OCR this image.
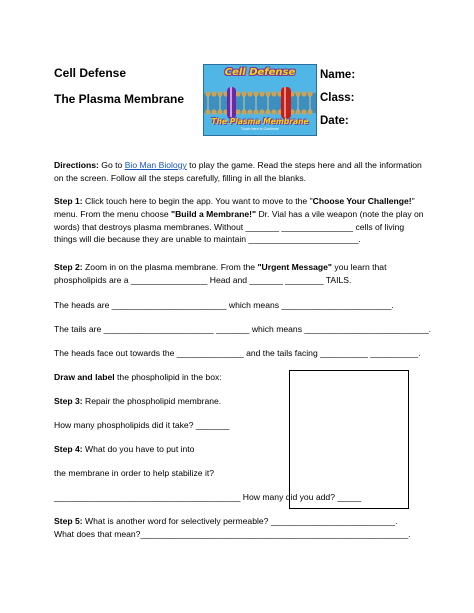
Cell Defense
The Plasma Membrane
Cell Defense
The Plasma Membrane
Touch here to Continue!
Name:
Class:
Date:
Directions: Go to Bio Man Biology to play the game. Read the steps here and all the information on the screen. Follow all the steps carefully, filling in all the blanks.
Step 1: Click touch here to begin the app. You want to move to the "Choose Your Challenge!" menu. From the menu choose "Build a Membrane!" Dr. Vial has a vile weapon (note the play on words) that destroys plasma membranes. Without _______ _______________ cells of living things will die because they are unable to maintain _______________________.
Step 2: Zoom in on the plasma membrane. From the "Urgent Message" you learn that
phospholipids are a ________________ Head and _______ ________ TAILS.
The heads are ________________________ which means _______________________.
The tails are _______________________ _______ which means __________________________.
The heads face out towards the ______________ and the tails facing __________ __________.
Draw and label the phospholipid in the box:
Step 3: Repair the phospholipid membrane.
How many phospholipids did it take? _______
Step 4: What do you have to put into
the membrane in order to help stabilize it?
_______________________________________ How many did you add? _____
Step 5: What is another word for selectively permeable? __________________________.
What does that mean?________________________________________________________.
